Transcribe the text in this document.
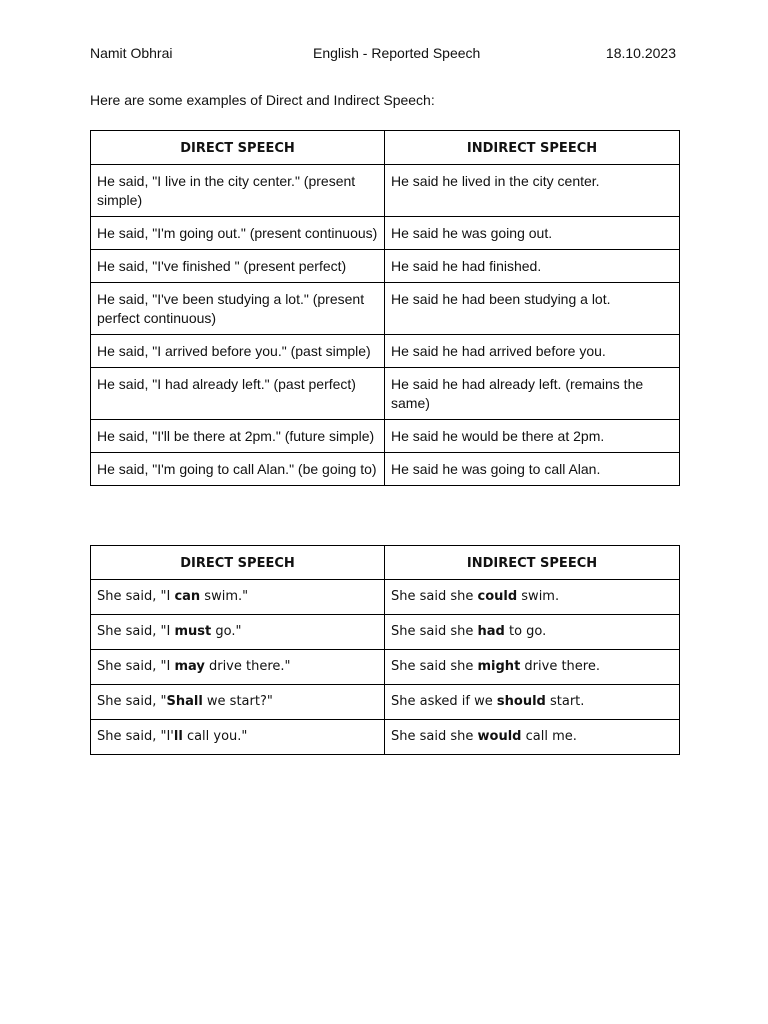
Namit Obhrai	English - Reported Speech	18.10.2023
Here are some examples of Direct and Indirect Speech:
DIRECT SPEECH	INDIRECT SPEECH
He said, "I live in the city center." (present simple)	He said he lived in the city center.
He said, "I'm going out." (present continuous)	He said he was going out.
He said, "I've finished " (present perfect)	He said he had finished.
He said, "I've been studying a lot." (present perfect continuous)	He said he had been studying a lot.
He said, "I arrived before you." (past simple)	He said he had arrived before you.
He said, "I had already left." (past perfect)	He said he had already left. (remains the same)
He said, "I'll be there at 2pm." (future simple)	He said he would be there at 2pm.
He said, "I'm going to call Alan." (be going to)	He said he was going to call Alan.
DIRECT SPEECH	INDIRECT SPEECH
She said, "I can swim."	She said she could swim.
She said, "I must go."	She said she had to go.
She said, "I may drive there."	She said she might drive there.
She said, "Shall we start?"	She asked if we should start.
She said, "I'll call you."	She said she would call me.
